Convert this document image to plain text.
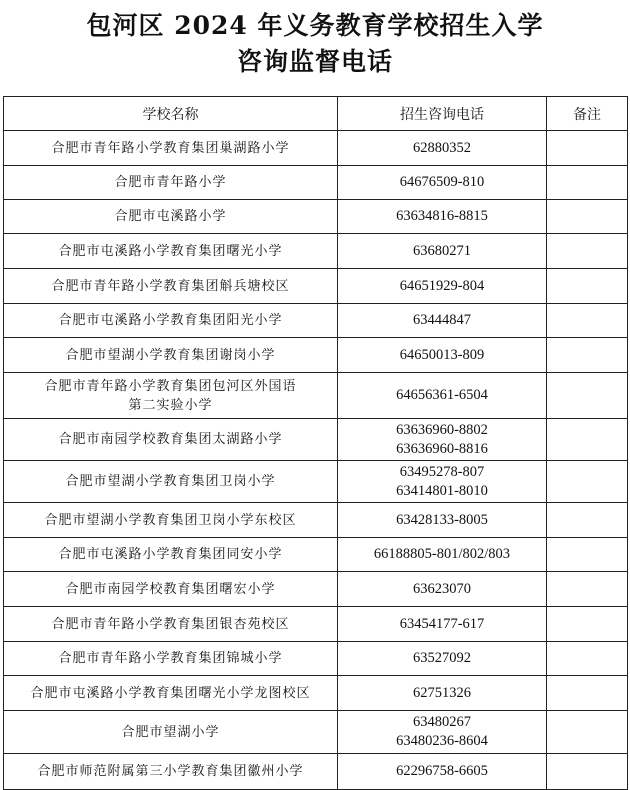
包河区 2024 年义务教育学校招生入学
咨询监督电话
学校名称	招生咨询电话	备注
合肥市青年路小学教育集团巢湖路小学	62880352	

合肥市青年路小学	64676509-810	

合肥市屯溪路小学	63634816-8815	

合肥市屯溪路小学教育集团曙光小学	63680271	

合肥市青年路小学教育集团斛兵塘校区	64651929-804	

合肥市屯溪路小学教育集团阳光小学	63444847	

合肥市望湖小学教育集团谢岗小学	64650013-809	

合肥市青年路小学教育集团包河区外国语
第二实验小学	64656361-6504	

合肥市南园学校教育集团太湖路小学	63636960-8802
63636960-8816	

合肥市望湖小学教育集团卫岗小学	63495278-807
63414801-8010	

合肥市望湖小学教育集团卫岗小学东校区	63428133-8005	

合肥市屯溪路小学教育集团同安小学	66188805-801/802/803	

合肥市南园学校教育集团曙宏小学	63623070	

合肥市青年路小学教育集团银杏苑校区	63454177-617	

合肥市青年路小学教育集团锦城小学	63527092	

合肥市屯溪路小学教育集团曙光小学龙图校区	62751326	

合肥市望湖小学	63480267
63480236-8604	

合肥市师范附属第三小学教育集团徽州小学	62296758-6605	
